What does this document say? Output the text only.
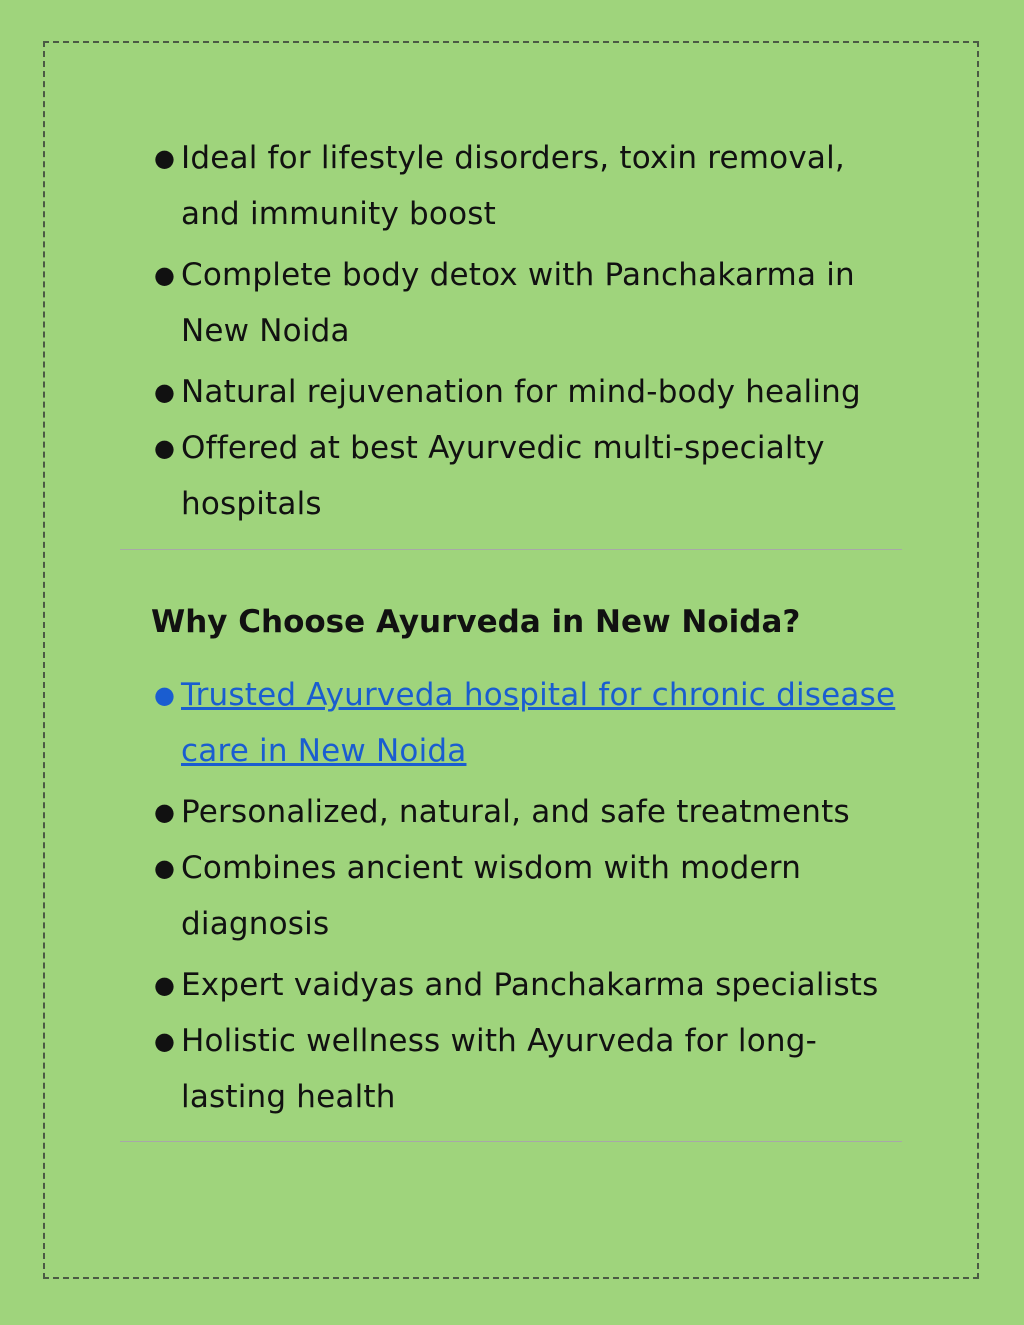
● Ideal for lifestyle disorders, toxin removal, and immunity boost
● Complete body detox with Panchakarma in New Noida
● Natural rejuvenation for mind-body healing
● Offered at best Ayurvedic multi-specialty hospitals
Why Choose Ayurveda in New Noida?
● Trusted Ayurveda hospital for chronic disease care in New Noida
● Personalized, natural, and safe treatments
● Combines ancient wisdom with modern diagnosis
● Expert vaidyas and Panchakarma specialists
● Holistic wellness with Ayurveda for long-lasting health
